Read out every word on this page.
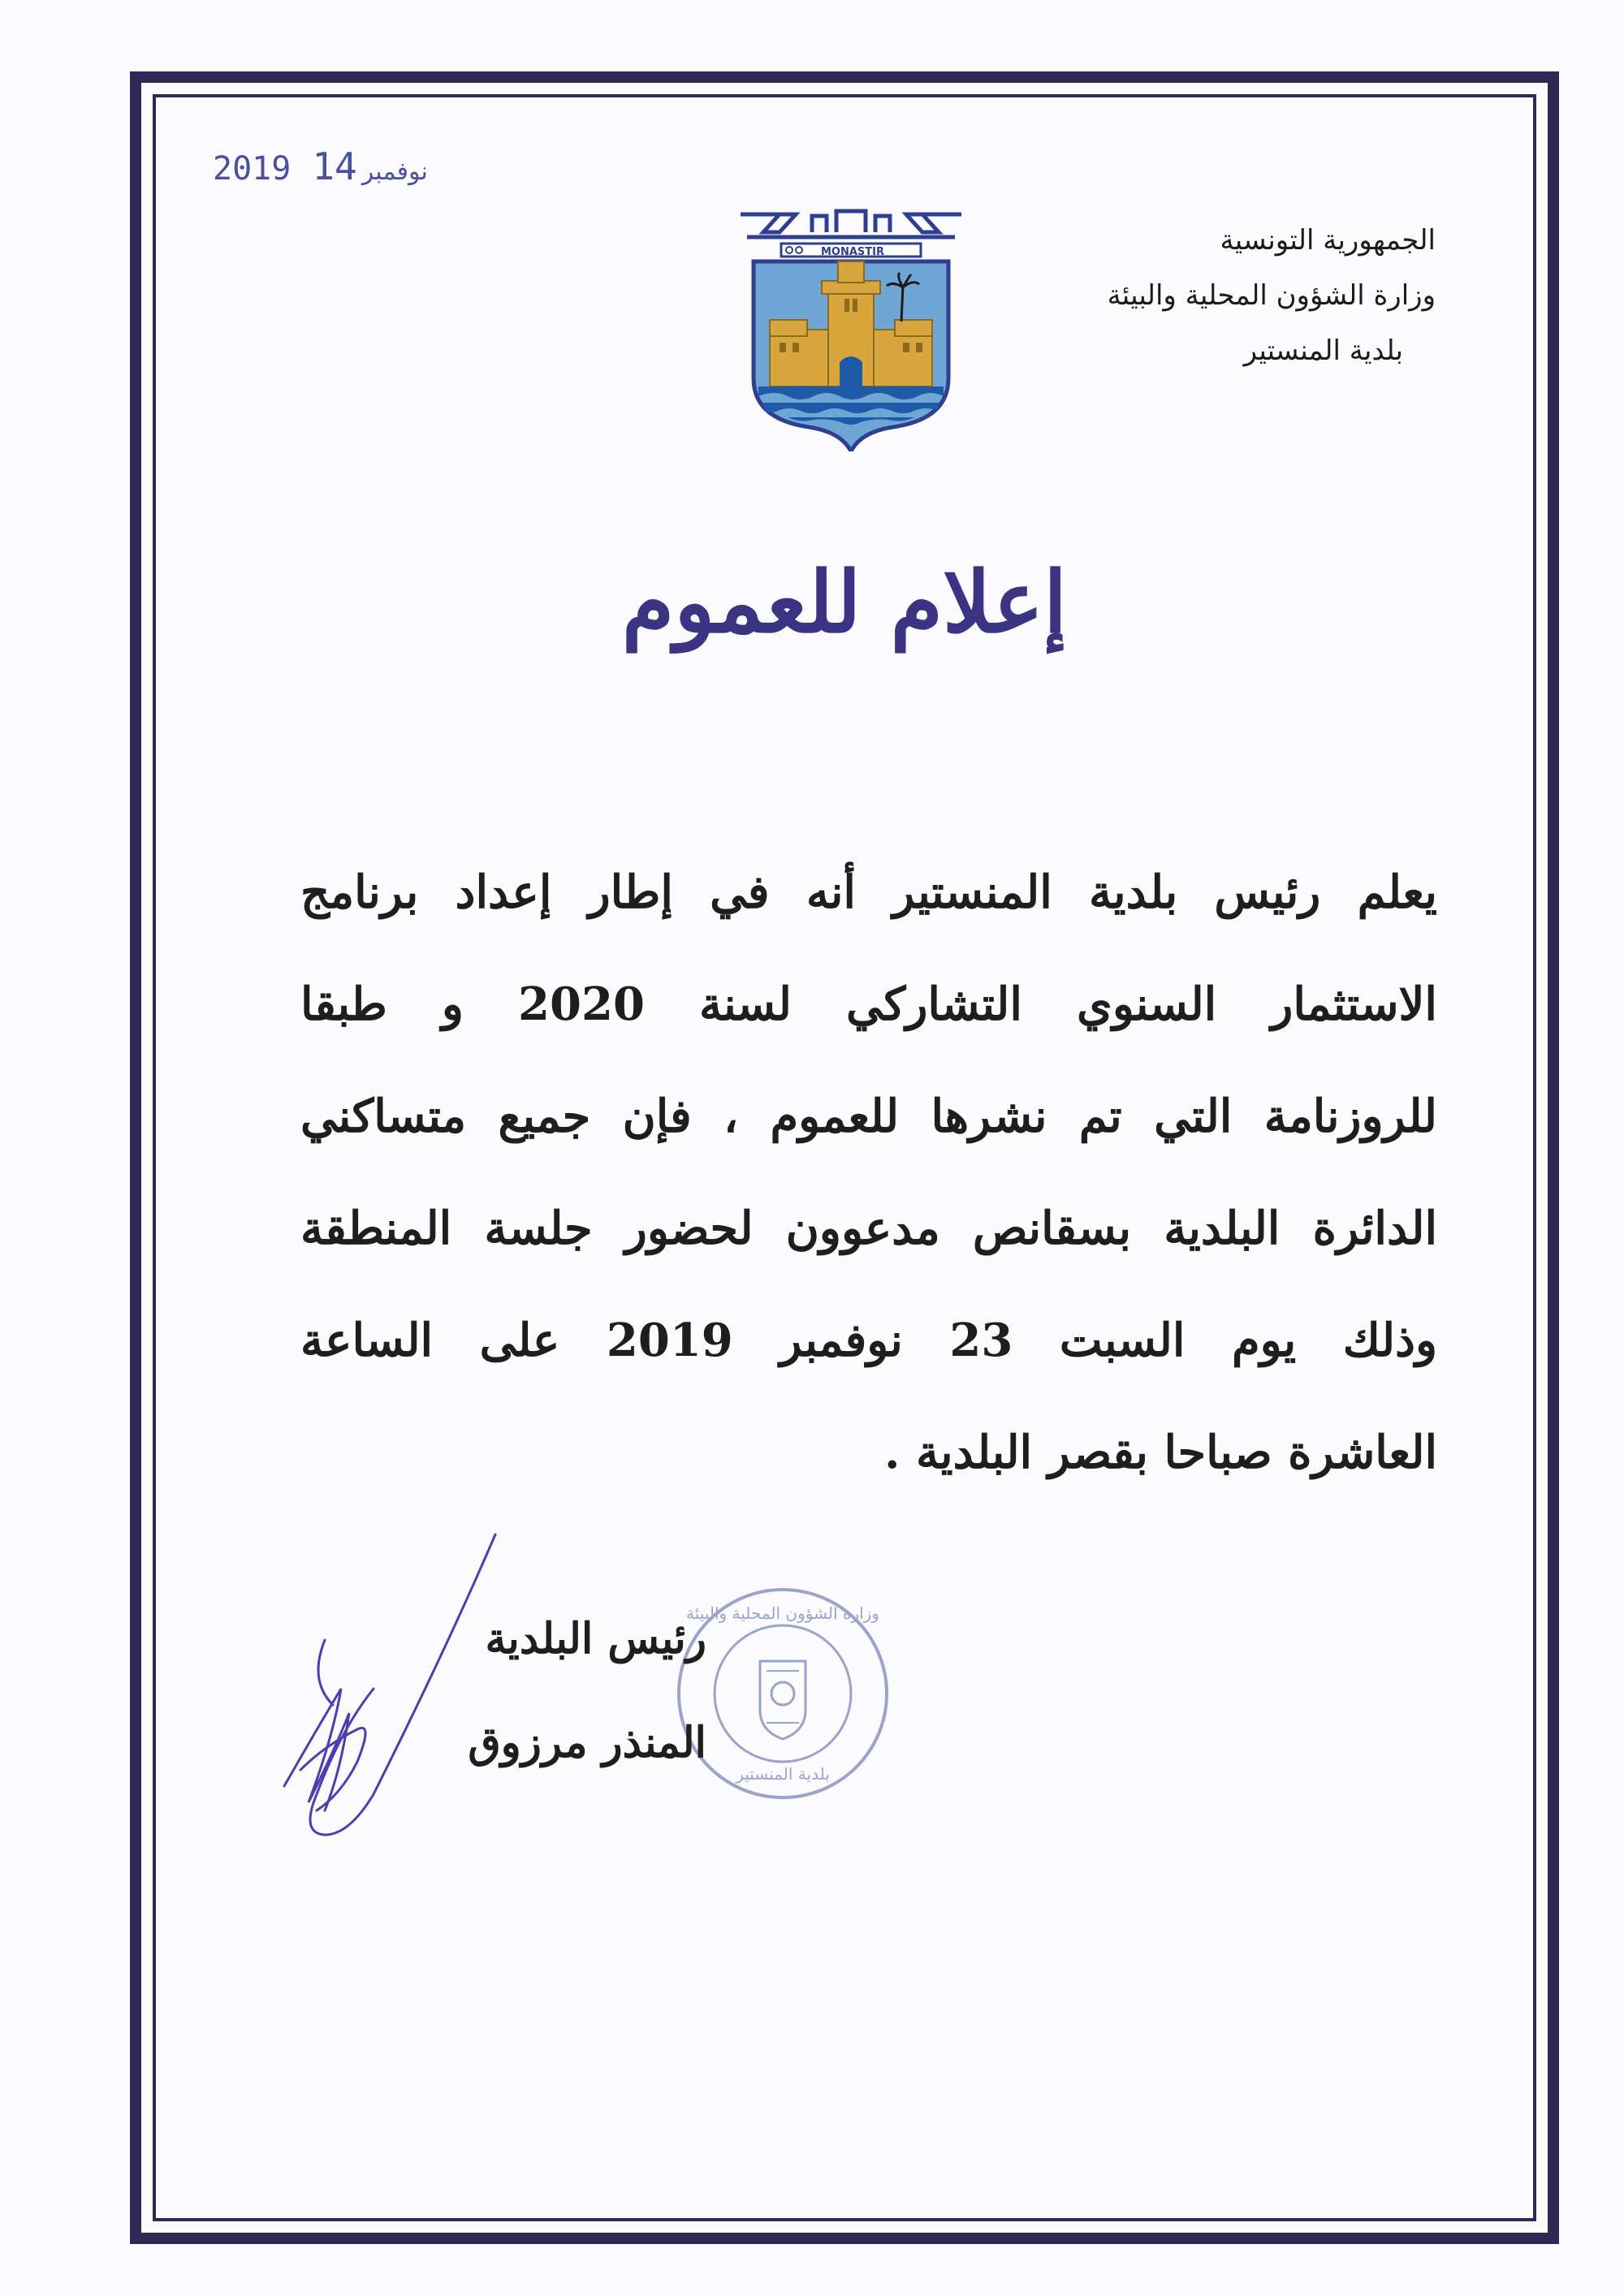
2019	نوفمبر14
الجمهورية التونسية
وزارة الشؤون المحلية والبيئة
بلدية المنستير
MONASTIR
إعلام للعموم
يعلم رئيس بلدية المنستير أنه في إطار إعداد برنامج
الاستثمار السنوي التشاركي لسنة 2020 و طبقا
للروزنامة التي تم نشرها للعموم ، فإن جميع متساكني
الدائرة البلدية بسقانص مدعوون لحضور جلسة المنطقة
وذلك يوم السبت 23 نوفمبر 2019 على الساعة
العاشرة صباحا بقصر البلدية .
وزارة الشؤون المحلية والبيئة
بلدية المنستير
رئيس البلدية
المنذر مرزوق
